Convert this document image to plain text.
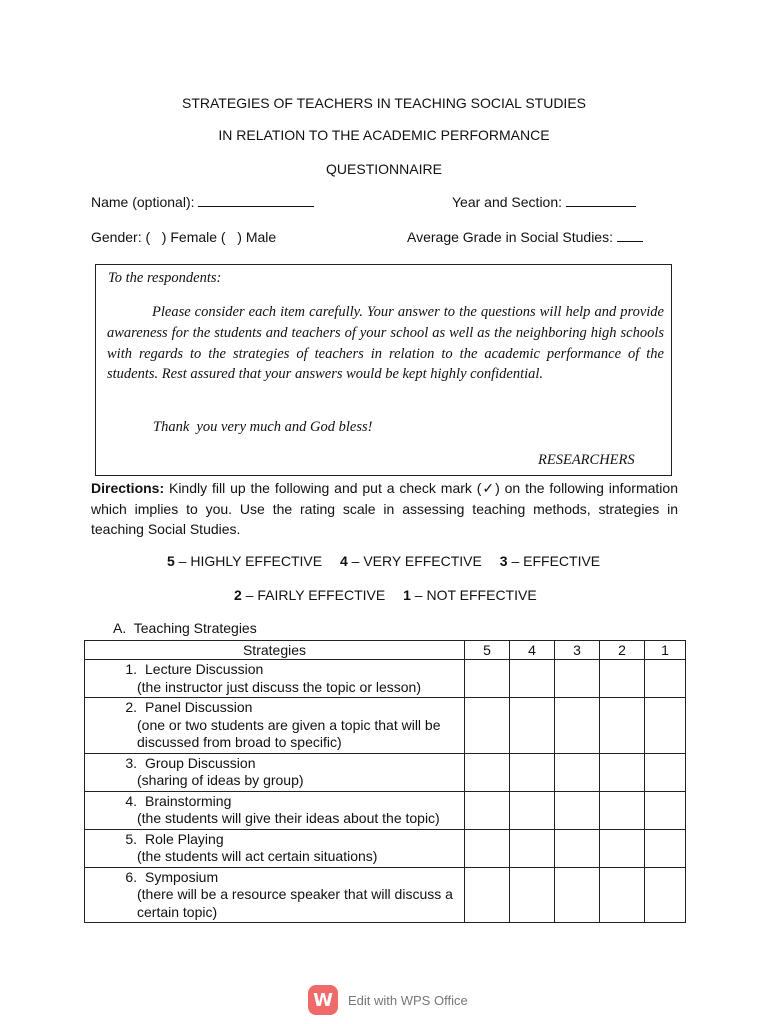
STRATEGIES OF TEACHERS IN TEACHING SOCIAL STUDIES
IN RELATION TO THE ACADEMIC PERFORMANCE
QUESTIONNAIRE
Name (optional):	Year and Section:
Gender: (   ) Female (   ) Male	Average Grade in Social Studies:
To the respondents:
Please consider each item carefully. Your answer to the questions will help and provide awareness for the students and teachers of your school as well as the neighboring high schools with regards to the strategies of teachers in relation to the academic performance of the students. Rest assured that your answers would be kept highly confidential.
Thank  you very much and God bless!
RESEARCHERS
Directions: Kindly fill up the following and put a check mark (✓) on the following information which implies to you. Use the rating scale in assessing teaching methods, strategies in teaching Social Studies.
5 – HIGHLY EFFECTIVE 4 – VERY EFFECTIVE 3 – EFFECTIVE
2 – FAIRLY EFFECTIVE 1 – NOT EFFECTIVE
A.  Teaching Strategies
Strategies	5	4	3	2	1

1. Lecture Discussion
(the instructor just discuss the topic or lesson)					

2. Panel Discussion
(one or two students are given a topic that will be discussed from broad to specific)					

3. Group Discussion
(sharing of ideas by group)					

4. Brainstorming
(the students will give their ideas about the topic)					

5. Role Playing
(the students will act certain situations)					

6. Symposium
(there will be a resource speaker that will discuss a certain topic)					

W	Edit with WPS Office
